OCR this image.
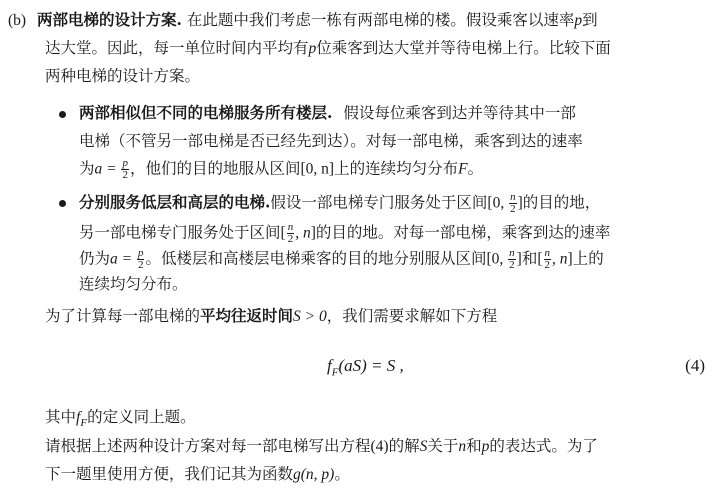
(b) 两部电梯的设计方案. 在此题中我们考虑一栋有两部电梯的楼。假设乘客以速率p到
达大堂。因此，每一单位时间内平均有p位乘客到达大堂并等待电梯上行。比较下面
两种电梯的设计方案。
两部相似但不同的电梯服务所有楼层. 假设每位乘客到达并等待其中一部
电梯（不管另一部电梯是否已经先到达）。对每一部电梯，乘客到达的速率
为$a = \frac{p}{2}$ ，他们的目的地服从区间[0, n]上的连续均匀分布F。
分别服务低层和高层的电梯.假设一部电梯专门服务处于区间[0, $\frac{n}{2}$ ]的目的地，
另一部电梯专门服务处于区间[ $\frac{n}{2}$ , n]的目的地。对每一部电梯，乘客到达的速率
仍为$a = \frac{p}{2}$ 。低楼层和高楼层电梯乘客的目的地分别服从区间[0, $\frac{n}{2}$ ]和[ $\frac{n}{2}$ , n]上的
连续均匀分布。
为了计算每一部电梯的平均往返时间S > 0，我们需要求解如下方程
$f_F(aS) = S$ ,	(4)
其中$f_F$的定义同上题。
请根据上述两种设计方案对每一部电梯写出方程(4)的解S关于n和p的表达式。为了
下一题里使用方便，我们记其为函数g(n, p)。
